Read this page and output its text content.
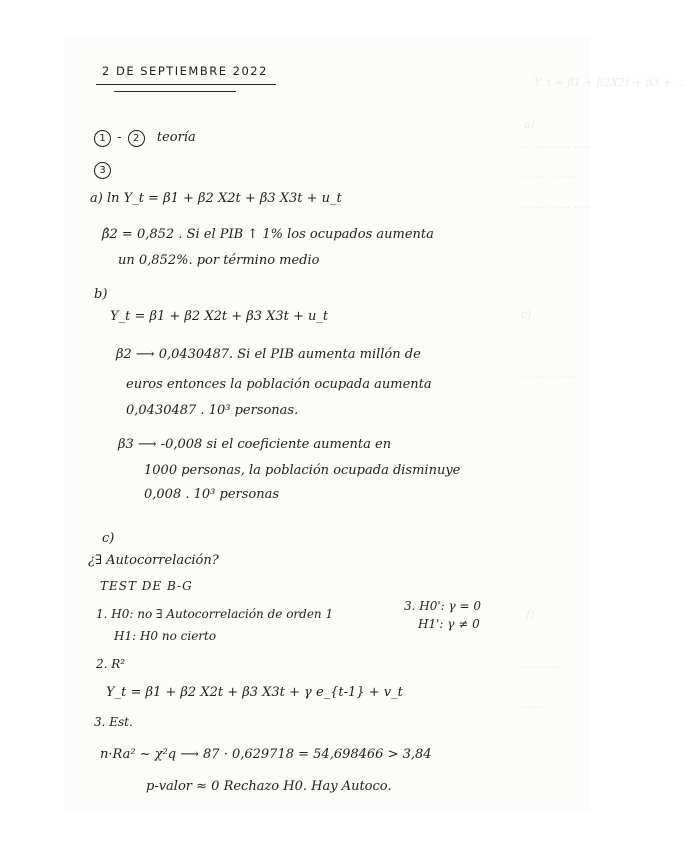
Y_t = β1 + β2X2t + β3 + ...
a)
... .......... .....
........ ........
....... ...... .....
c)
....... ........
f)
..... .......
.........
2 DE SEPTIEMBRE 2022
1 - 2 teoría
3
a) ln Y_t = β1 + β2 X2t + β3 X3t + u_t
β̂2 = 0,852 . Si el PIB ↑ 1% los ocupados aumenta
un 0,852%. por término medio
b)
Y_t = β1 + β2 X2t + β3 X3t + u_t
β2 ⟶ 0,0430487. Si el PIB aumenta millón de
euros entonces la población ocupada aumenta
0,0430487 . 10³ personas.
β3 ⟶ -0,008 si el coeficiente aumenta en
1000 personas, la población ocupada disminuye
0,008 . 10³ personas
c)
¿∃ Autocorrelación?
TEST DE B-G
1. H0: no ∃ Autocorrelación de orden 1
3. H0': γ = 0
H1': γ ≠ 0
H1: H0 no cierto
2. R²
Y_t = β1 + β2 X2t + β3 X3t + γ e_{t-1} + v_t
3. Est.
n·Ra² ~ χ²q ⟶ 87 · 0,629718 = 54,698466 > 3,84
p-valor ≈ 0 Rechazo H0. Hay Autoco.
